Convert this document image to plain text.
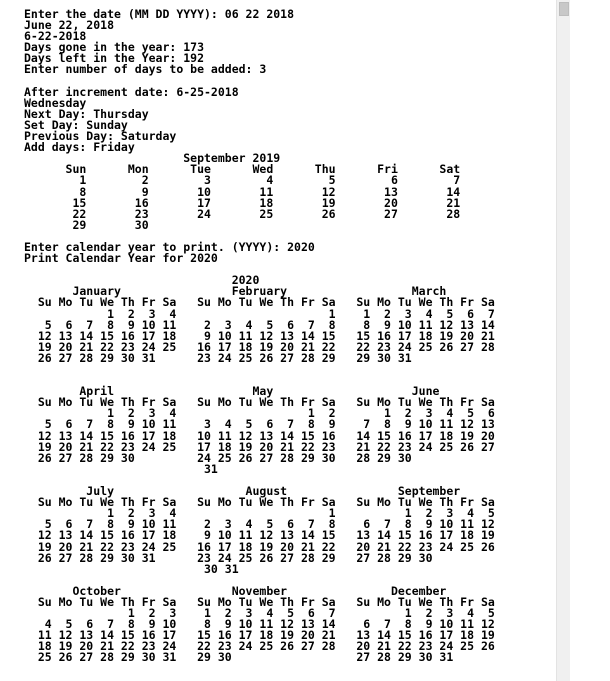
Enter the date (MM DD YYYY): 06 22 2018
June 22, 2018
6-22-2018
Days gone in the year: 173
Days left in the Year: 192
Enter number of days to be added: 3

After increment date: 6-25-2018
Wednesday
Next Day: Thursday
Set Day: Sunday
Previous Day: Saturday
Add days: Friday
September 2019
Sun      Mon      Tue      Wed      Thu      Fri      Sat
1        2        3        4        5        6        7
8        9       10       11       12       13       14
15       16       17       18       19       20       21
22       23       24       25       26       27       28
29       30

Enter calendar year to print. (YYYY): 2020
Print Calendar Year for 2020

2020
January                February                  March
Su Mo Tu We Th Fr Sa   Su Mo Tu We Th Fr Sa   Su Mo Tu We Th Fr Sa
1  2  3  4                      1    1  2  3  4  5  6  7
5  6  7  8  9 10 11    2  3  4  5  6  7  8    8  9 10 11 12 13 14
12 13 14 15 16 17 18    9 10 11 12 13 14 15   15 16 17 18 19 20 21
19 20 21 22 23 24 25   16 17 18 19 20 21 22   22 23 24 25 26 27 28
26 27 28 29 30 31      23 24 25 26 27 28 29   29 30 31

April                    May                    June
Su Mo Tu We Th Fr Sa   Su Mo Tu We Th Fr Sa   Su Mo Tu We Th Fr Sa
1  2  3  4                   1  2       1  2  3  4  5  6
5  6  7  8  9 10 11    3  4  5  6  7  8  9    7  8  9 10 11 12 13
12 13 14 15 16 17 18   10 11 12 13 14 15 16   14 15 16 17 18 19 20
19 20 21 22 23 24 25   17 18 19 20 21 22 23   21 22 23 24 25 26 27
26 27 28 29 30         24 25 26 27 28 29 30   28 29 30
31

July                   August                September
Su Mo Tu We Th Fr Sa   Su Mo Tu We Th Fr Sa   Su Mo Tu We Th Fr Sa
1  2  3  4                      1          1  2  3  4  5
5  6  7  8  9 10 11    2  3  4  5  6  7  8    6  7  8  9 10 11 12
12 13 14 15 16 17 18    9 10 11 12 13 14 15   13 14 15 16 17 18 19
19 20 21 22 23 24 25   16 17 18 19 20 21 22   20 21 22 23 24 25 26
26 27 28 29 30 31      23 24 25 26 27 28 29   27 28 29 30
30 31

October                November               December
Su Mo Tu We Th Fr Sa   Su Mo Tu We Th Fr Sa   Su Mo Tu We Th Fr Sa
1  2  3    1  2  3  4  5  6  7          1  2  3  4  5
4  5  6  7  8  9 10    8  9 10 11 12 13 14    6  7  8  9 10 11 12
11 12 13 14 15 16 17   15 16 17 18 19 20 21   13 14 15 16 17 18 19
18 19 20 21 22 23 24   22 23 24 25 26 27 28   20 21 22 23 24 25 26
25 26 27 28 29 30 31   29 30                  27 28 29 30 31
